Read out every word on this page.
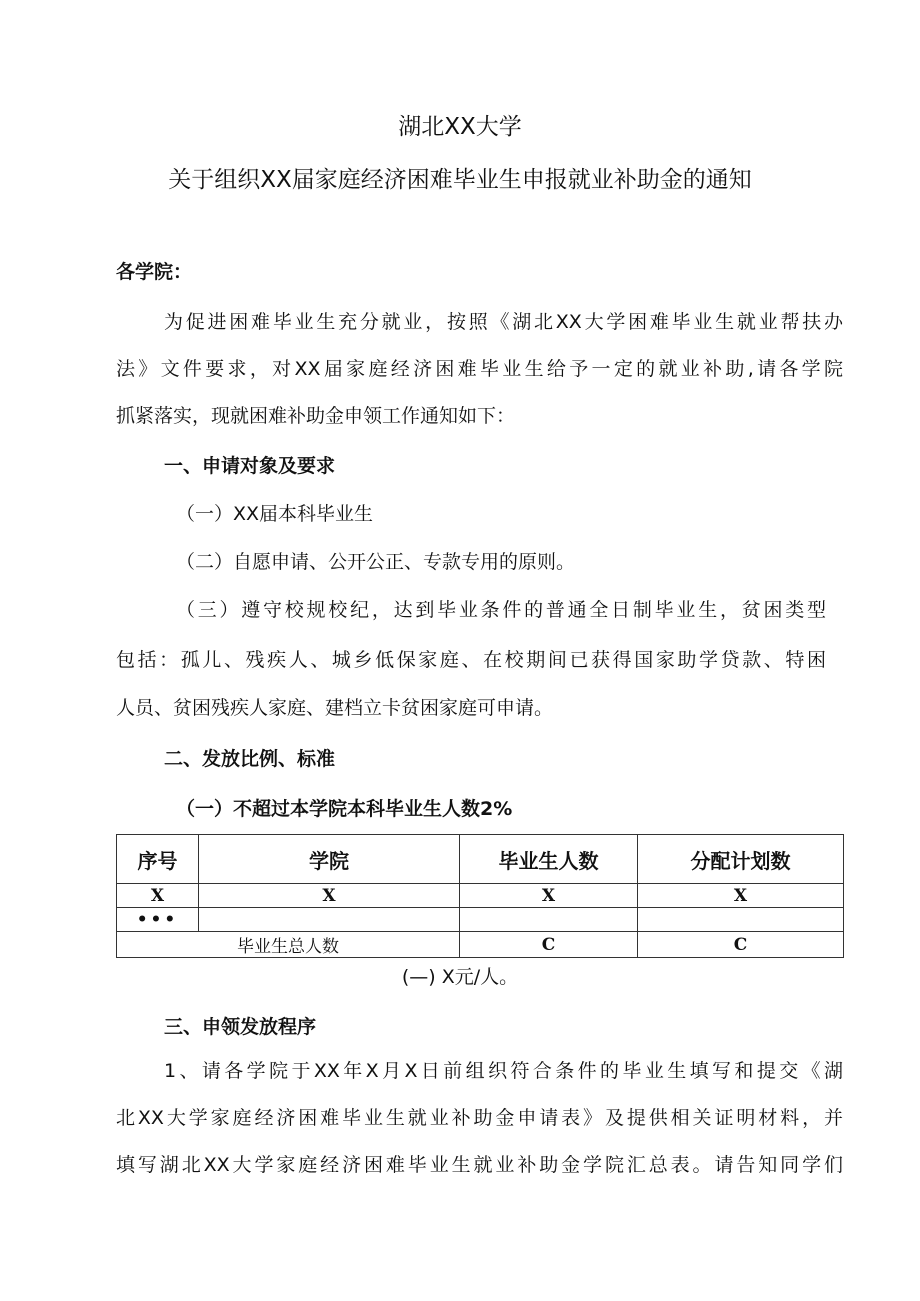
湖北XX大学
关于组织XX届家庭经济困难毕业生申报就业补助金的通知
各学院：
为促进困难毕业生充分就业，按照《湖北XX大学困难毕业生就业帮扶办
法》文件要求，对XX届家庭经济困难毕业生给予一定的就业补助,请各学院
抓紧落实，现就困难补助金申领工作通知如下：
一、申请对象及要求
（一）XX届本科毕业生
（二）自愿申请、公开公正、专款专用的原则。
（三）遵守校规校纪，达到毕业条件的普通全日制毕业生，贫困类型
包括：孤儿、残疾人、城乡低保家庭、在校期间已获得国家助学贷款、特困
人员、贫困残疾人家庭、建档立卡贫困家庭可申请。
二、发放比例、标准
（一）不超过本学院本科毕业生人数2%
序号	学院	毕业生人数	分配计划数
X	X	X	X
•••			
毕业生总人数		C	C
(—) X元/人。
三、申领发放程序
1、请各学院于XX年X月X日前组织符合条件的毕业生填写和提交《湖
北XX大学家庭经济困难毕业生就业补助金申请表》及提供相关证明材料，并
填写湖北XX大学家庭经济困难毕业生就业补助金学院汇总表。请告知同学们
